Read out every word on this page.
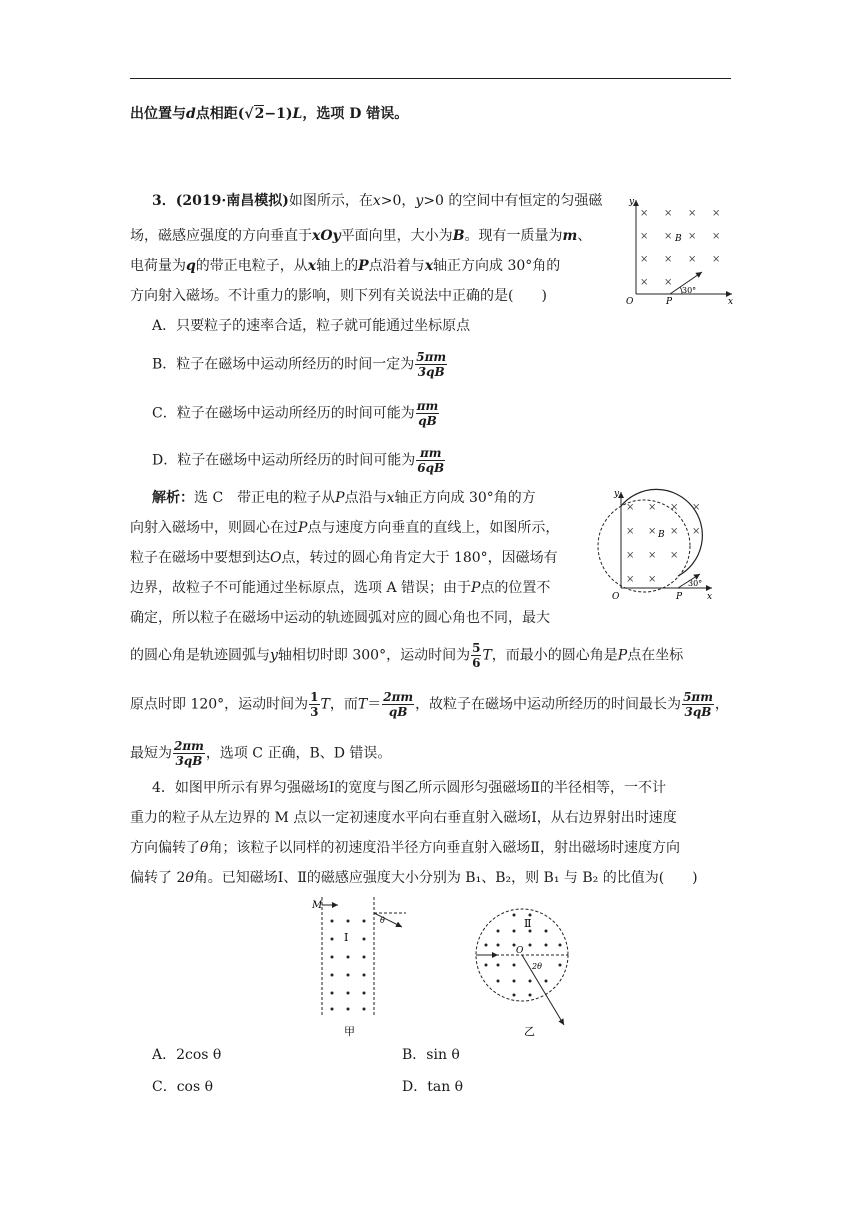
出位置与d点相距(√2−1)L，选项 D 错误。
3．(2019·南昌模拟)如图所示，在x>0，y>0 的空间中有恒定的匀强磁
场，磁感应强度的方向垂直于xOy平面向里，大小为B。现有一质量为m、
电荷量为q的带正电粒子，从x轴上的P点沿着与x轴正方向成 30°角的
方向射入磁场。不计重力的影响，则下列有关说法中正确的是(　　)
A．只要粒子的速率合适，粒子就可能通过坐标原点
B．粒子在磁场中运动所经历的时间一定为 $\frac{5\pi m}{3qB}$
C．粒子在磁场中运动所经历的时间可能为 $\frac{\pi m}{qB}$
D．粒子在磁场中运动所经历的时间可能为 $\frac{\pi m}{6qB}$
解析：选 C　带正电的粒子从P点沿与x轴正方向成 30°角的方
向射入磁场中，则圆心在过P点与速度方向垂直的直线上，如图所示，
粒子在磁场中要想到达O点，转过的圆心角肯定大于 180°，因磁场有
边界，故粒子不可能通过坐标原点，选项 A 错误；由于P点的位置不
确定，所以粒子在磁场中运动的轨迹圆弧对应的圆心角也不同，最大
的圆心角是轨迹圆弧与y轴相切时即 300°，运动时间为 $\frac{5}{6}$ T，而最小的圆心角是P点在坐标
原点时即 120°，运动时间为 $\frac{1}{3}$ T，而$T= \frac{2\pi m}{qB}$ ，故粒子在磁场中运动所经历的时间最长为 $\frac{5\pi m}{3qB}$ ，
最短为 $\frac{2\pi m}{3qB}$ ，选项 C 正确，B、D 错误。
4．如图甲所示有界匀强磁场Ⅰ的宽度与图乙所示圆形匀强磁场Ⅱ的半径相等，一不计
重力的粒子从左边界的 M 点以一定初速度水平向右垂直射入磁场Ⅰ，从右边界射出时速度
方向偏转了θ角；该粒子以同样的初速度沿半径方向垂直射入磁场Ⅱ，射出磁场时速度方向
偏转了 2θ角。已知磁场Ⅰ、Ⅱ的磁感应强度大小分别为 B₁、B₂，则 B₁ 与 B₂ 的比值为(　　)
A．2cos θ	B．sin θ
C．cos θ	D．tan θ
× × × ×
× × × ×
× × × ×
× ×
y
x
O	P
B
30°
× × × ×
× × × ×
× × ×
× ×
y
x
O	P
B
30°
M
Ⅰ
θ
甲
Ⅱ
O
2θ
乙
